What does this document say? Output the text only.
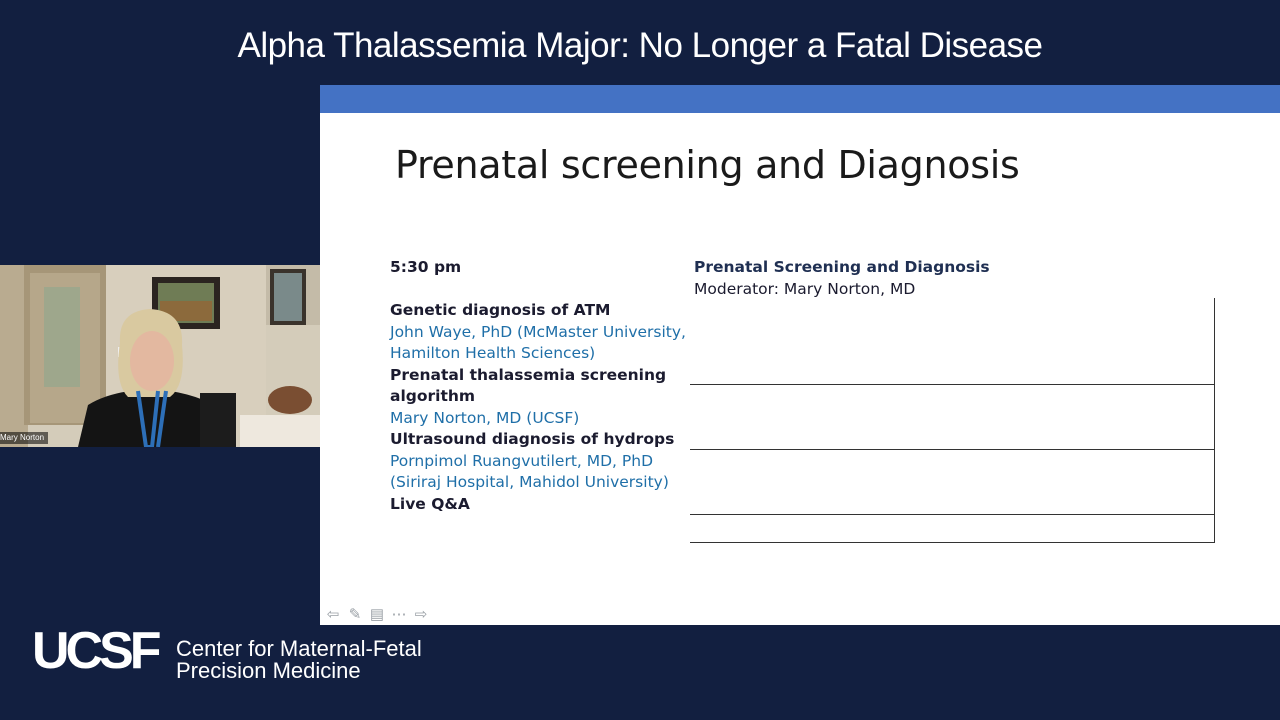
Alpha Thalassemia Major: No Longer a Fatal Disease
Mary Norton
Prenatal screening and Diagnosis
5:30 pm	Prenatal Screening and Diagnosis
Moderator: Mary Norton, MD
Genetic diagnosis of ATM
John Waye, PhD (McMaster University, Hamilton Health Sciences)
Prenatal thalassemia screening algorithm
Mary Norton, MD (UCSF)
Ultrasound diagnosis of hydrops
Pornpimol Ruangvutilert, MD, PhD (Siriraj Hospital, Mahidol University)
Live Q&A
⇦ ✎ ▤ ⋯ ⇨
UCSF Center for Maternal-Fetal
Precision Medicine
